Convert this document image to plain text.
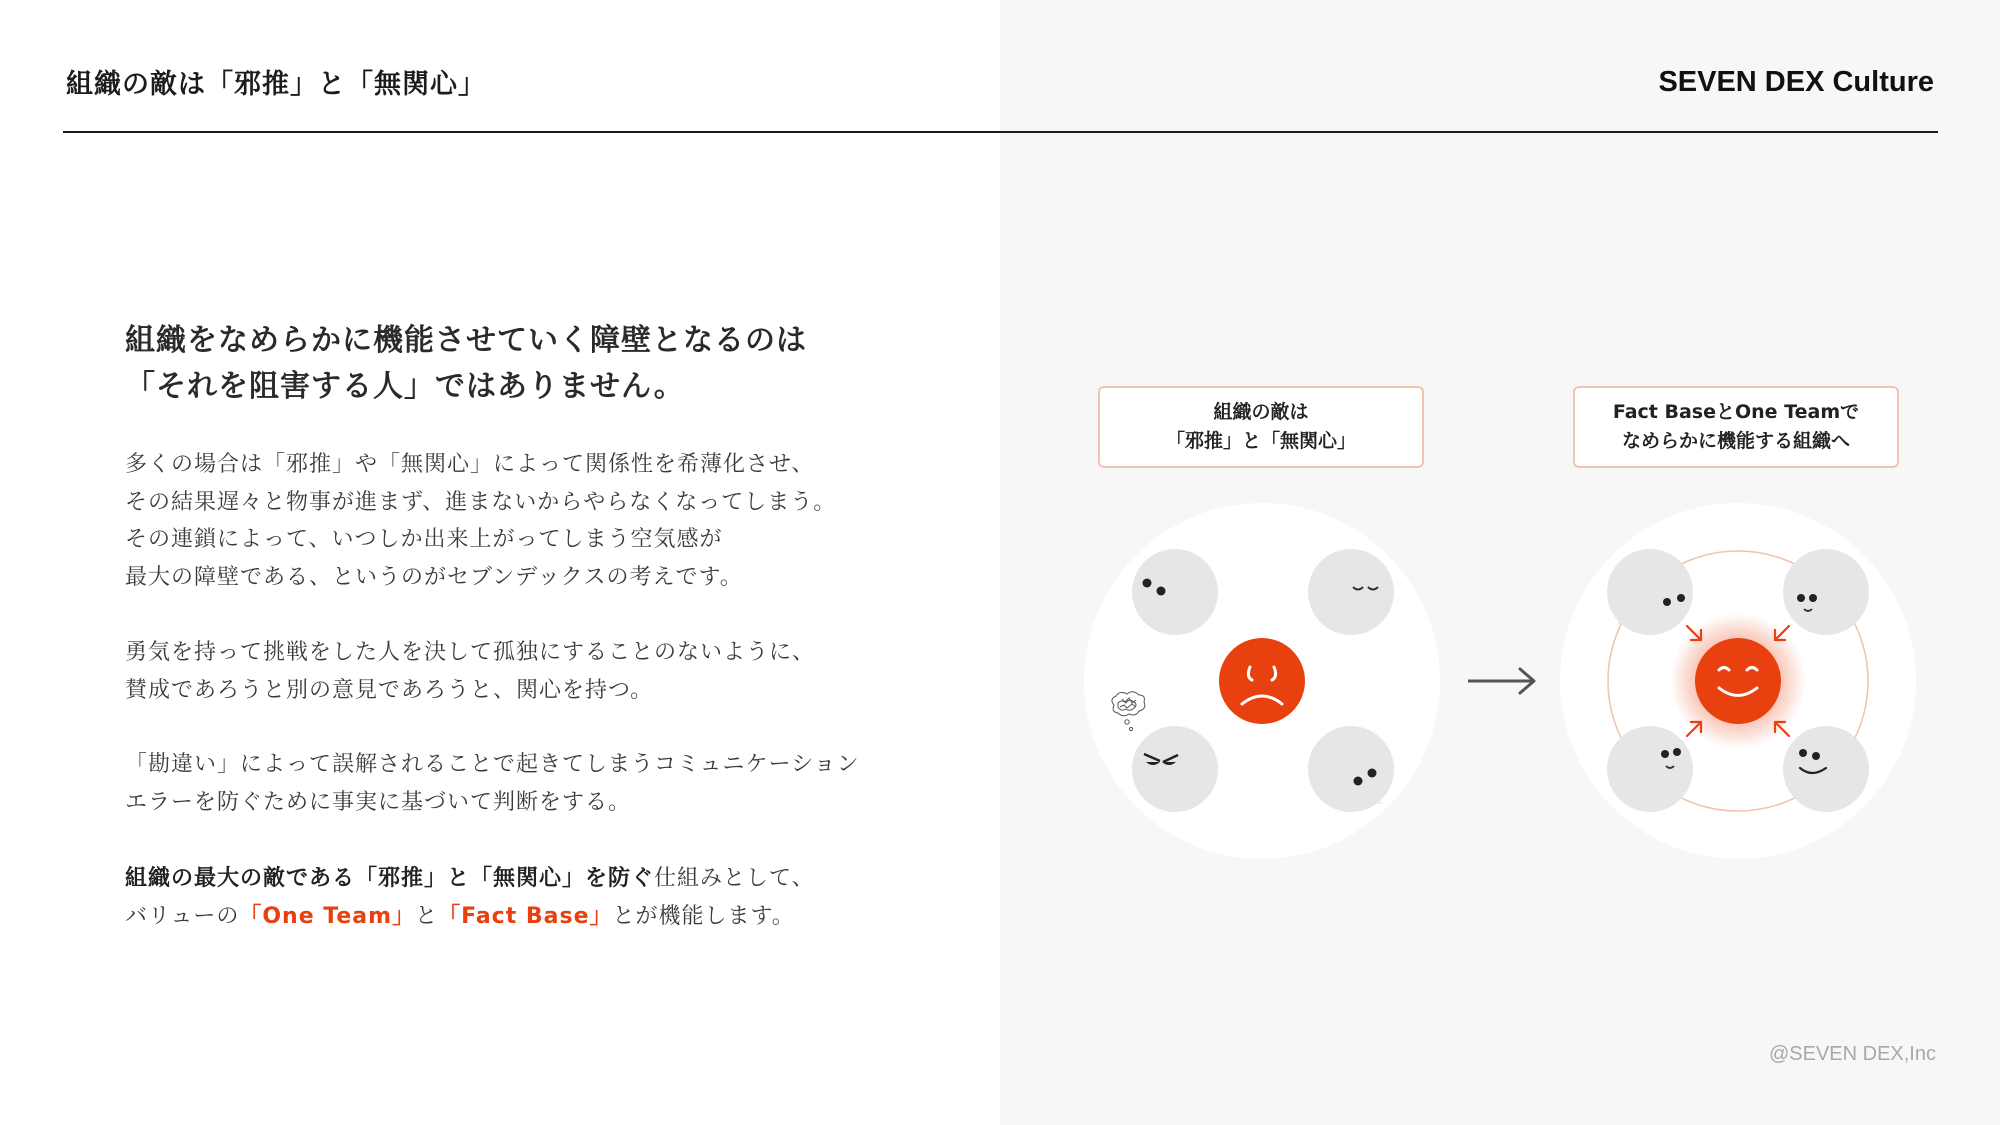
組織の敵は「邪推」と「無関心」	SEVEN DEX Culture
組織をなめらかに機能させていく障壁となるのは
「それを阻害する人」ではありません。
多くの場合は「邪推」や「無関心」によって関係性を希薄化させ、
その結果遅々と物事が進まず、進まないからやらなくなってしまう。
その連鎖によって、いつしか出来上がってしまう空気感が
最大の障壁である、というのがセブンデックスの考えです。
勇気を持って挑戦をした人を決して孤独にすることのないように、
賛成であろうと別の意見であろうと、関心を持つ。
「勘違い」によって誤解されることで起きてしまうコミュニケーション
エラーを防ぐために事実に基づいて判断をする。
組織の最大の敵である「邪推」と「無関心」を防ぐ仕組みとして、
バリューの「One Team」と「Fact Base」とが機能します。
組織の敵は
「邪推」と「無関心」
Fact BaseとOne Teamで
なめらかに機能する組織へ
@SEVEN DEX,Inc
